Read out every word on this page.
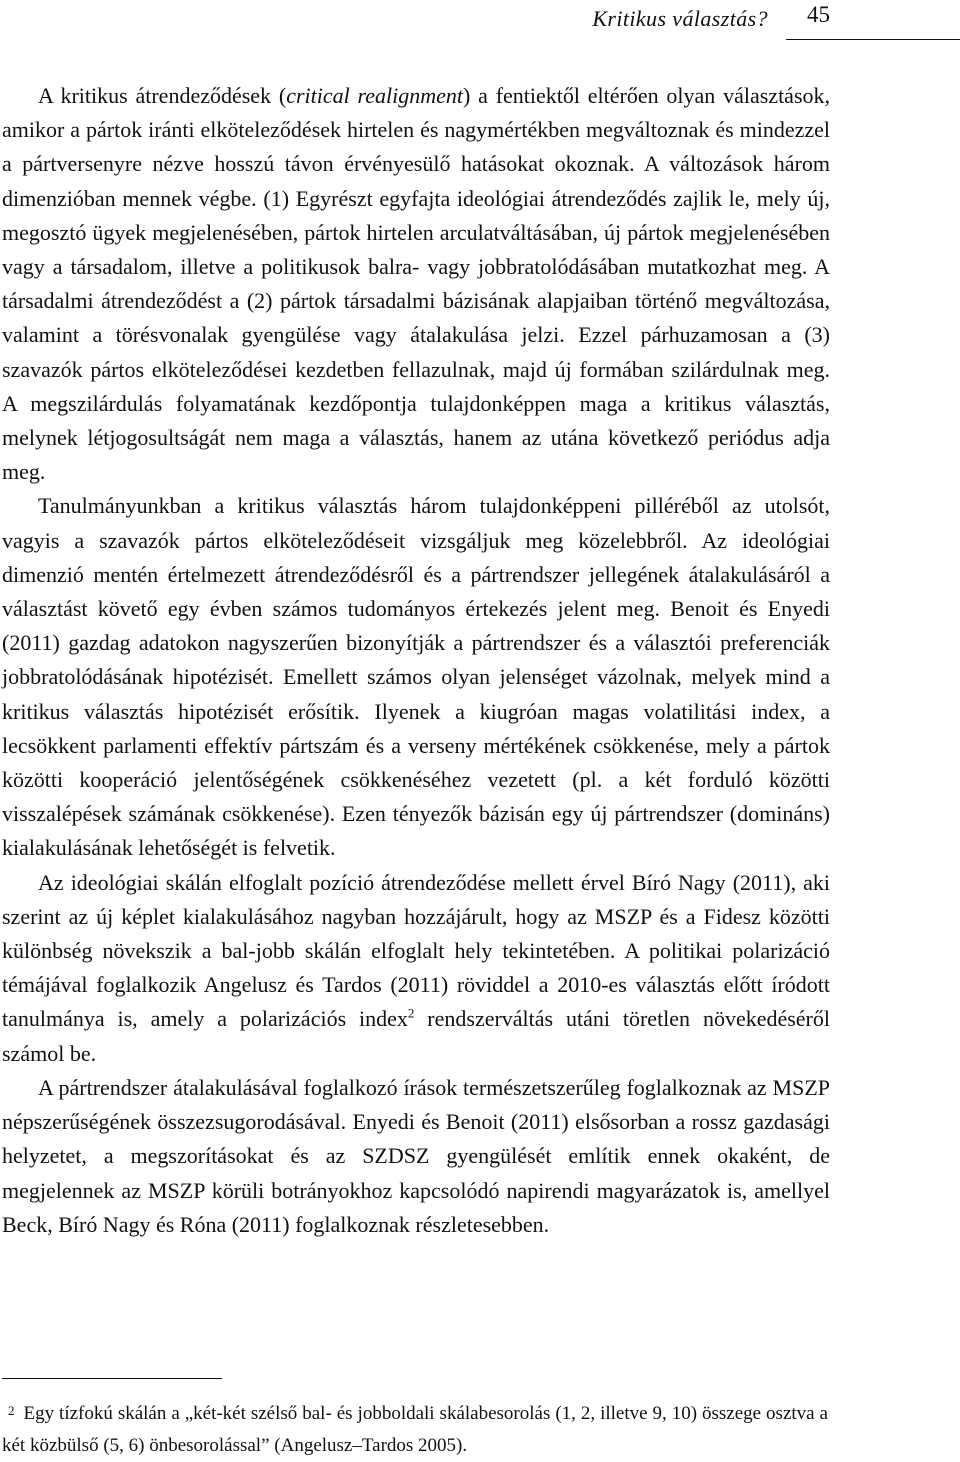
Kritikus választás? 45

A kritikus átrendeződések (critical realignment) a fentiektől eltérően olyan választások, amikor a pártok iránti elköteleződések hirtelen és nagymértékben megváltoznak és mindezzel a pártversenyre nézve hosszú távon érvényesülő hatásokat okoznak. A változások három dimenzióban mennek végbe. (1) Egyrészt egyfajta ideológiai átrendeződés zajlik le, mely új, megosztó ügyek megjelenésében, pártok hirtelen arculatváltásában, új pártok megjelenésében vagy a társadalom, illetve a politikusok balra- vagy jobbratolódásában mutatkozhat meg. A társadalmi átrendeződést a (2) pártok társadalmi bázisának alapjaiban történő megváltozása, valamint a törésvonalak gyengülése vagy átalakulása jelzi. Ezzel párhuzamosan a (3) szavazók pártos elköteleződései kezdetben fellazulnak, majd új formában szilárdulnak meg. A megszilárdulás folyamatának kezdőpontja tulajdonképpen maga a kritikus választás, melynek létjogosultságát nem maga a választás, hanem az utána következő periódus adja meg.

Tanulmányunkban a kritikus választás három tulajdonképpeni pilléréből az utolsót, vagyis a szavazók pártos elköteleződéseit vizsgáljuk meg közelebbről. Az ideológiai dimenzió mentén értelmezett átrendeződésről és a pártrendszer jellegének átalakulásáról a választást követő egy évben számos tudományos értekezés jelent meg. Benoit és Enyedi (2011) gazdag adatokon nagyszerűen bizonyítják a pártrendszer és a választói preferenciák jobbratolódásának hipotézisét. Emellett számos olyan jelenséget vázolnak, melyek mind a kritikus választás hipotézisét erősítik. Ilyenek a kiugróan magas volatilitási index, a lecsökkent parlamenti effektív pártszám és a verseny mértékének csökkenése, mely a pártok közötti kooperáció jelentőségének csökkenéséhez vezetett (pl. a két forduló közötti visszalépések számának csökkenése). Ezen tényezők bázisán egy új pártrendszer (domináns) kialakulásának lehetőségét is felvetik.

Az ideológiai skálán elfoglalt pozíció átrendeződése mellett érvel Bíró Nagy (2011), aki szerint az új képlet kialakulásához nagyban hozzájárult, hogy az MSZP és a Fidesz közötti különbség növekszik a bal-jobb skálán elfoglalt hely tekintetében. A politikai polarizáció témájával foglalkozik Angelusz és Tardos (2011) röviddel a 2010-es választás előtt íródott tanulmánya is, amely a polarizációs index$^2$ rendszerváltás utáni töretlen növekedéséről számol be.

A pártrendszer átalakulásával foglalkozó írások természetszerűleg foglalkoznak az MSZP népszerűségének összezsugorodásával. Enyedi és Benoit (2011) elsősorban a rossz gazdasági helyzetet, a megszorításokat és az SZDSZ gyengülését említik ennek okaként, de megjelennek az MSZP körüli botrányokhoz kapcsolódó napirendi magyarázatok is, amellyel Beck, Bíró Nagy és Róna (2011) foglalkoznak részletesebben.

$^2$ Egy tízfokú skálán a „két-két szélső bal- és jobboldali skálabesorolás (1, 2, illetve 9, 10) összege osztva a két közbülső (5, 6) önbesorolással” (Angelusz–Tardos 2005).
